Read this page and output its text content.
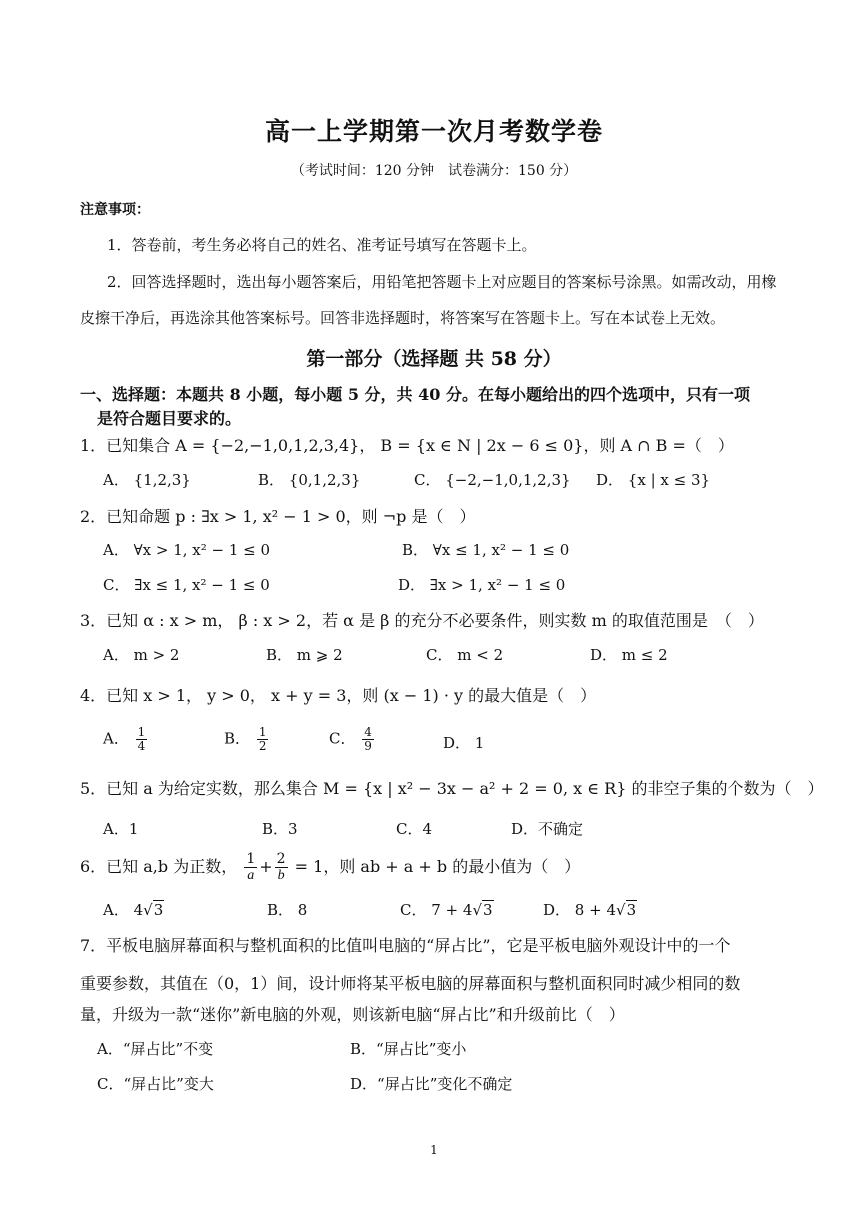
高一上学期第一次月考数学卷
（考试时间：120 分钟　试卷满分：150 分）
注意事项：
1．答卷前，考生务必将自己的姓名、准考证号填写在答题卡上。
2．回答选择题时，选出每小题答案后，用铅笔把答题卡上对应题目的答案标号涂黑。如需改动，用橡
皮擦干净后，再选涂其他答案标号。回答非选择题时，将答案写在答题卡上。写在本试卷上无效。
第一部分（选择题 共 58 分）
一、选择题：本题共 8 小题，每小题 5 分，共 40 分。在每小题给出的四个选项中，只有一项
是符合题目要求的。
1．已知集合 A = {−2,−1,0,1,2,3,4}， B = {x ∈ N | 2x − 6 ≤ 0}，则 A ∩ B =（　）
A． {1,2,3}	B． {0,1,2,3}	C． {−2,−1,0,1,2,3} D． {x | x ≤ 3}
2．已知命题 p : ∃x > 1, x² − 1 > 0，则 ¬p 是（　）
A． ∀x > 1, x² − 1 ≤ 0	B． ∀x ≤ 1, x² − 1 ≤ 0
C． ∃x ≤ 1, x² − 1 ≤ 0	D． ∃x > 1, x² − 1 ≤ 0
3．已知 α : x > m， β : x > 2，若 α 是 β 的充分不必要条件，则实数 m 的取值范围是　（　）
A． m > 2	B． m ⩾ 2	C． m < 2	D． m ≤ 2
4．已知 x > 1， y > 0， x + y = 3，则 (x − 1) · y 的最大值是（　）
A． $\frac{1}{4}$	B． $\frac{1}{2}$	C． $\frac{4}{9}$	D． 1
5．已知 a 为给定实数，那么集合 M = {x | x² − 3x − a² + 2 = 0, x ∈ R} 的非空子集的个数为（　）
A．1	B．3	C．4	D．不确定
6．已知 a,b 为正数， $\frac{1}{a} + \frac{2}{b} = 1$，则 ab + a + b 的最小值为（　）
A． 4√3	B． 8	C． 7 + 4√3	D． 8 + 4√3
7．平板电脑屏幕面积与整机面积的比值叫电脑的“屏占比”，它是平板电脑外观设计中的一个
重要参数，其值在（0，1）间，设计师将某平板电脑的屏幕面积与整机面积同时减少相同的数
量，升级为一款“迷你”新电脑的外观，则该新电脑“屏占比”和升级前比（　）
A．“屏占比”不变	B．“屏占比”变小
C．“屏占比”变大	D．“屏占比”变化不确定
1
